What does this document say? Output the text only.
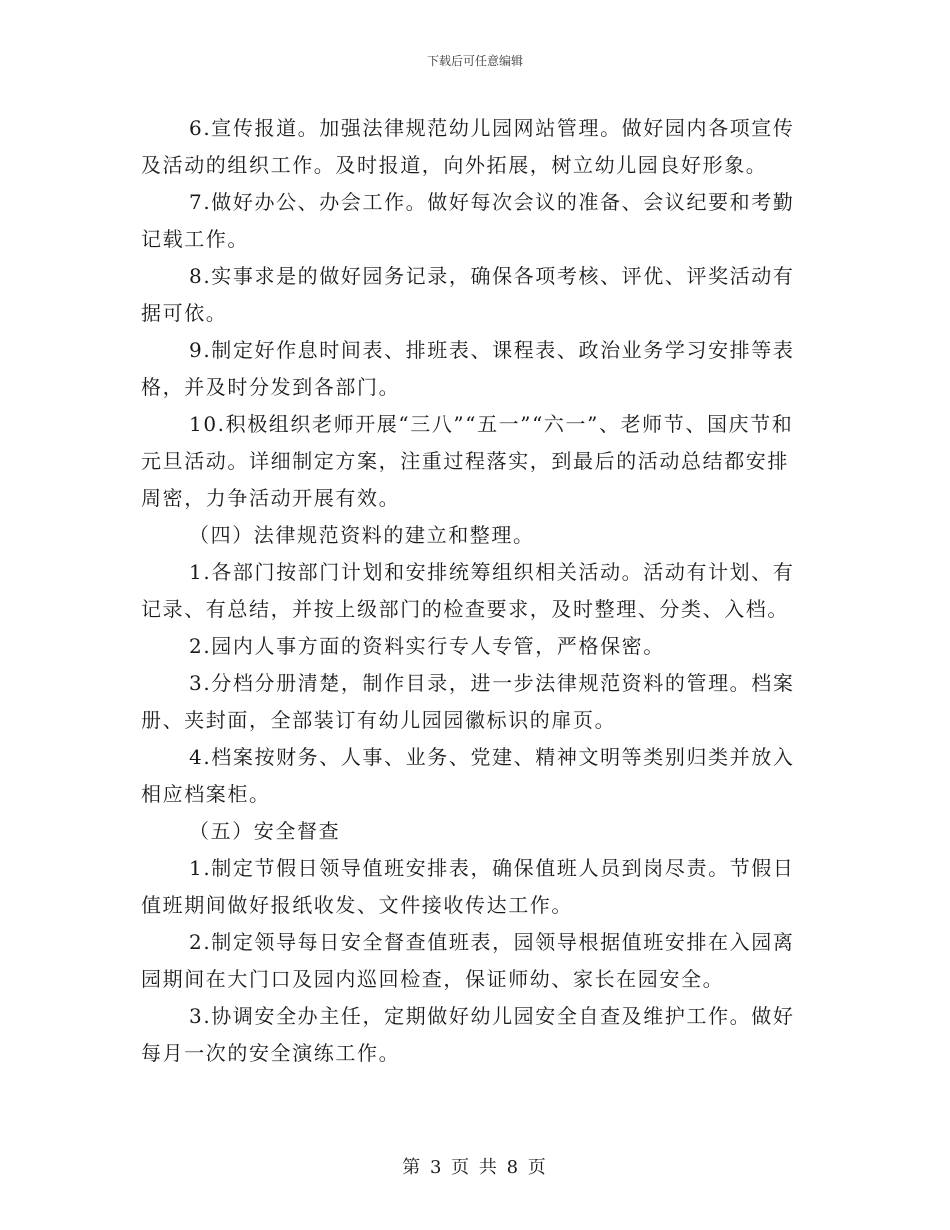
下载后可任意编辑

6.宣传报道。加强法律规范幼儿园网站管理。做好园内各项宣传及活动的组织工作。及时报道，向外拓展，树立幼儿园良好形象。

7.做好办公、办会工作。做好每次会议的准备、会议纪要和考勤记载工作。

8.实事求是的做好园务记录，确保各项考核、评优、评奖活动有据可依。

9.制定好作息时间表、排班表、课程表、政治业务学习安排等表格，并及时分发到各部门。

10.积极组织老师开展“三八”“五一”“六一”、老师节、国庆节和元旦活动。详细制定方案，注重过程落实，到最后的活动总结都安排周密，力争活动开展有效。

（四）法律规范资料的建立和整理。

1.各部门按部门计划和安排统筹组织相关活动。活动有计划、有记录、有总结，并按上级部门的检查要求，及时整理、分类、入档。

2.园内人事方面的资料实行专人专管，严格保密。

3.分档分册清楚，制作目录，进一步法律规范资料的管理。档案册、夹封面，全部装订有幼儿园园徽标识的扉页。

4.档案按财务、人事、业务、党建、精神文明等类别归类并放入相应档案柜。

（五）安全督查

1.制定节假日领导值班安排表，确保值班人员到岗尽责。节假日值班期间做好报纸收发、文件接收传达工作。

2.制定领导每日安全督查值班表，园领导根据值班安排在入园离园期间在大门口及园内巡回检查，保证师幼、家长在园安全。

3.协调安全办主任，定期做好幼儿园安全自查及维护工作。做好每月一次的安全演练工作。

第 3 页 共 8 页
